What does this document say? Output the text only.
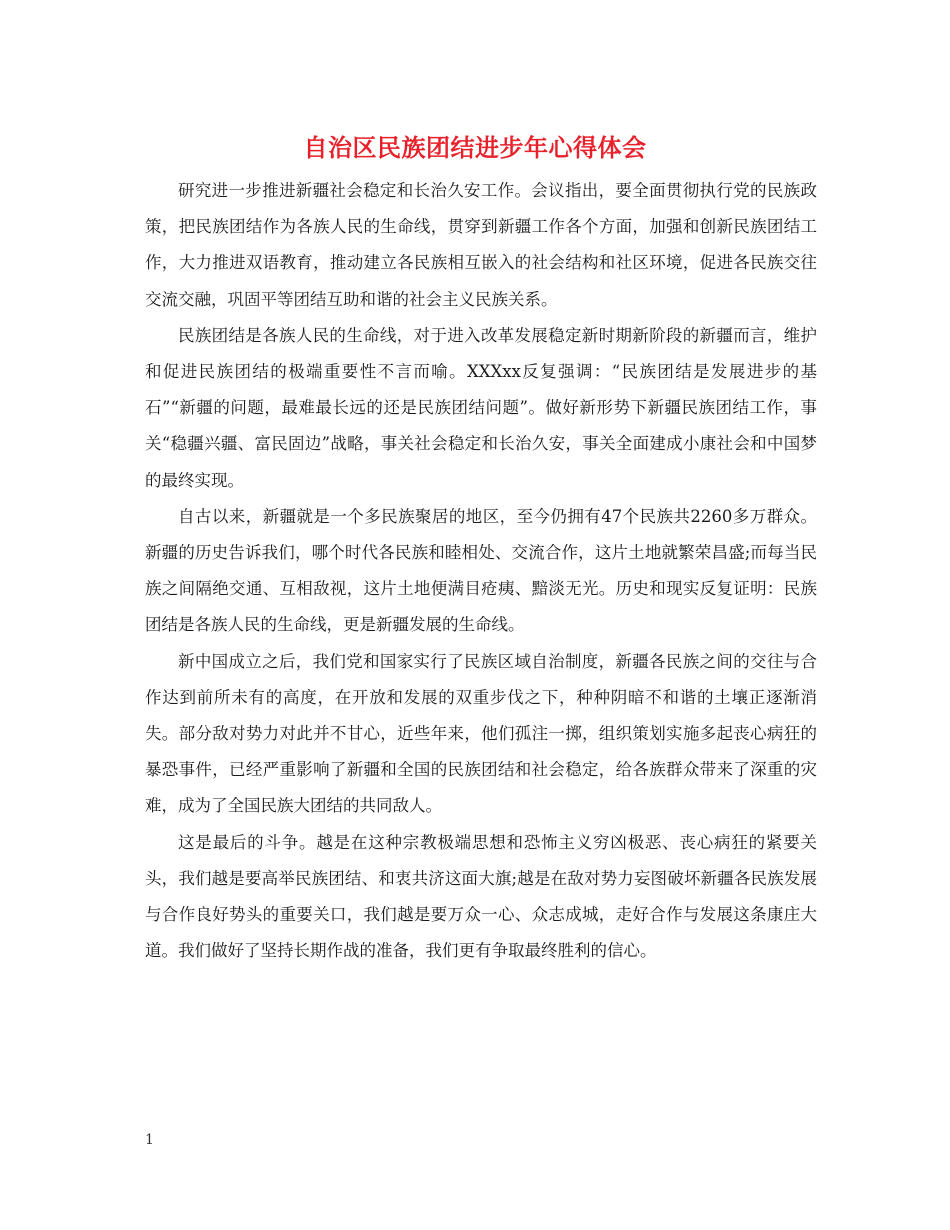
自治区民族团结进步年心得体会

研究进一步推进新疆社会稳定和长治久安工作。会议指出，要全面贯彻执行党的民族政策，把民族团结作为各族人民的生命线，贯穿到新疆工作各个方面，加强和创新民族团结工作，大力推进双语教育，推动建立各民族相互嵌入的社会结构和社区环境，促进各民族交往交流交融，巩固平等团结互助和谐的社会主义民族关系。

民族团结是各族人民的生命线，对于进入改革发展稳定新时期新阶段的新疆而言，维护和促进民族团结的极端重要性不言而喻。XXXxx反复强调：“民族团结是发展进步的基石”“新疆的问题，最难最长远的还是民族团结问题”。做好新形势下新疆民族团结工作，事关“稳疆兴疆、富民固边”战略，事关社会稳定和长治久安，事关全面建成小康社会和中国梦的最终实现。

自古以来，新疆就是一个多民族聚居的地区，至今仍拥有47个民族共2260多万群众。新疆的历史告诉我们，哪个时代各民族和睦相处、交流合作，这片土地就繁荣昌盛;而每当民族之间隔绝交通、互相敌视，这片土地便满目疮痍、黯淡无光。历史和现实反复证明：民族团结是各族人民的生命线，更是新疆发展的生命线。

新中国成立之后，我们党和国家实行了民族区域自治制度，新疆各民族之间的交往与合作达到前所未有的高度，在开放和发展的双重步伐之下，种种阴暗不和谐的土壤正逐渐消失。部分敌对势力对此并不甘心，近些年来，他们孤注一掷，组织策划实施多起丧心病狂的暴恐事件，已经严重影响了新疆和全国的民族团结和社会稳定，给各族群众带来了深重的灾难，成为了全国民族大团结的共同敌人。

这是最后的斗争。越是在这种宗教极端思想和恐怖主义穷凶极恶、丧心病狂的紧要关头，我们越是要高举民族团结、和衷共济这面大旗;越是在敌对势力妄图破坏新疆各民族发展与合作良好势头的重要关口，我们越是要万众一心、众志成城，走好合作与发展这条康庄大道。我们做好了坚持长期作战的准备，我们更有争取最终胜利的信心。

1
